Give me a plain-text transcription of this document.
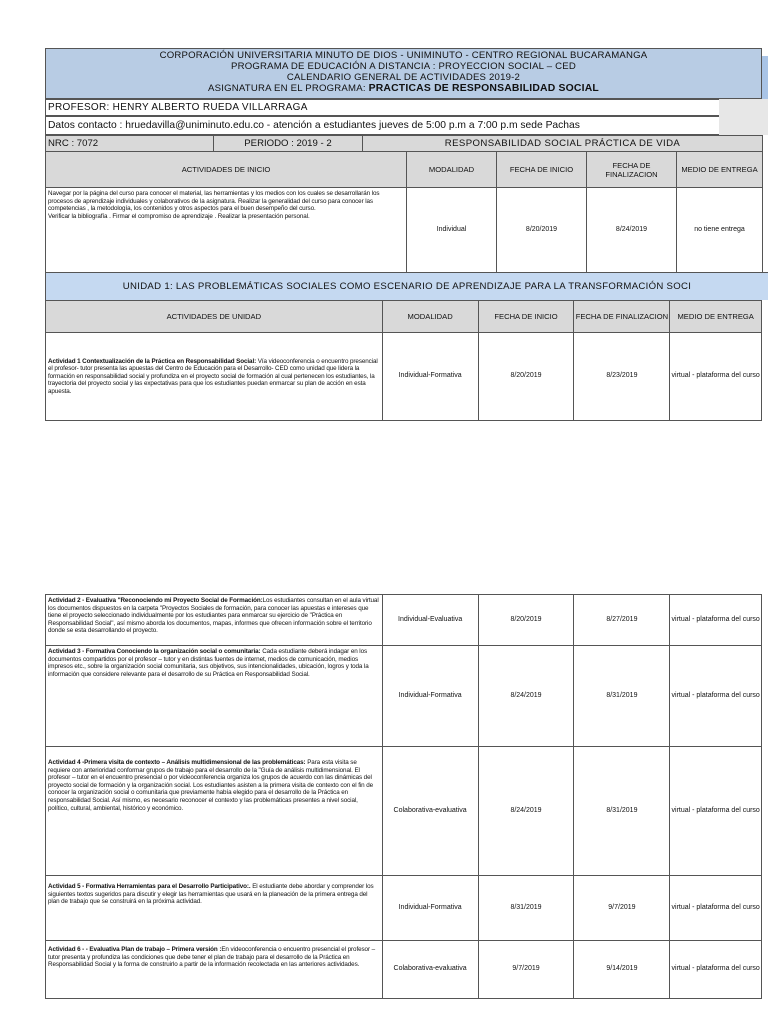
CORPORACIÓN UNIVERSITARIA MINUTO DE DIOS - UNIMINUTO - CENTRO REGIONAL BUCARAMANGA
PROGRAMA DE EDUCACIÓN A DISTANCIA : PROYECCION SOCIAL – CED
CALENDARIO GENERAL DE ACTIVIDADES 2019-2
ASIGNATURA EN EL PROGRAMA: PRACTICAS DE RESPONSABILIDAD SOCIAL
PROFESOR: HENRY ALBERTO RUEDA VILLARRAGA
Datos contacto : hruedavilla@uniminuto.edu.co - atención a estudiantes jueves de 5:00 p.m a 7:00 p.m sede Pachas
NRC : 7072	PERIODO : 2019 - 2	RESPONSABILIDAD SOCIAL PRÁCTICA DE VIDA				
ACTIVIDADES DE INICIO			MODALIDAD	FECHA DE INICIO	FECHA DE FINALIZACION	MEDIO DE ENTREGA
Navegar por la página del curso para conocer el material, las herramientas y los medios con los cuales se desarrollarán los procesos de aprendizaje individuales y colaborativos de la asignatura. Realizar la generalidad del curso para conocer las competencias , la metodología, los contenidos y otros aspectos para el buen desempeño del curso.
Verificar la bibliografía . Firmar el compromiso de aprendizaje . Realizar la presentación personal.			Individual	8/20/2019	8/24/2019	no tiene entrega
UNIDAD 1: LAS PROBLEMÁTICAS SOCIALES COMO ESCENARIO DE APRENDIZAJE PARA LA TRANSFORMACIÓN SOCI
ACTIVIDADES DE UNIDAD	MODALIDAD	FECHA DE INICIO	FECHA DE FINALIZACION	MEDIO DE ENTREGA
Actividad 1 Contextualización de la Práctica en Responsabilidad Social: Vía videoconferencia o encuentro presencial el profesor- tutor presenta las apuestas del Centro de Educación para el Desarrollo- CED como unidad que lidera la formación en responsabilidad social y profundiza en el proyecto social de formación al cual pertenecen los estudiantes, la trayectoria del proyecto social y las expectativas para que los estudiantes puedan enmarcar su plan de acción en esta apuesta.	Individual-Formativa	8/20/2019	8/23/2019	virtual - plataforma del curso
Actividad 2 - Evaluativa "Reconociendo mi Proyecto Social de Formación:Los estudiantes consultan en el aula virtual los documentos dispuestos en la carpeta "Proyectos Sociales de formación, para conocer las apuestas e intereses que tiene el proyecto seleccionado individualmente por los estudiantes para enmarcar su ejercicio de "Práctica en Responsabilidad Social", así mismo aborda los documentos, mapas, informes que ofrecen información sobre el territorio donde se esta desarrollando el proyecto.	Individual-Evaluativa	8/20/2019	8/27/2019	virtual - plataforma del curso
Actividad 3 - Formativa Conociendo la organización social o comunitaria: Cada estudiante deberá indagar en los documentos compartidos por el profesor – tutor y en distintas fuentes de internet, medios de comunicación, medios impresos etc., sobre la organización social comunitaria, sus objetivos, sus intencionalidades, ubicación, logros y toda la información que considere relevante para el desarrollo de su Práctica en Responsabilidad Social.	Individual-Formativa	8/24/2019	8/31/2019	virtual - plataforma del curso
Actividad 4 -Primera visita de contexto – Análisis multidimensional de las problemáticas: Para esta visita se requiere con anterioridad conformar grupos de trabajo para el desarrollo de la "Guía de análisis multidimensional. El profesor – tutor en el encuentro presencial o por videoconferencia organiza los grupos de acuerdo con las dinámicas del proyecto social de formación y la organización social. Los estudiantes asisten a la primera visita de contexto con el fin de conocer la organización social o comunitaria que previamente había elegido para el desarrollo de la Práctica en responsabilidad Social. Así mismo, es necesario reconocer el contexto y las problemáticas presentes a nivel social, político, cultural, ambiental, histórico y económico.	Colaborativa-evaluativa	8/24/2019	8/31/2019	virtual - plataforma del curso
Actividad 5 - Formativa Herramientas para el Desarrollo Participativo:. El estudiante debe abordar y comprender los siguientes textos sugeridos para discutir y elegir las herramientas que usará en la planeación de la primera entrega del plan de trabajo que se construirá en la próxima actividad.	Individual-Formativa	8/31/2019	9/7/2019	virtual - plataforma del curso
Actividad 6 - - Evaluativa Plan de trabajo – Primera versión :En videoconferencia o encuentro presencial el profesor – tutor presenta y profundiza las condiciones que debe tener el plan de trabajo para el desarrollo de la Práctica en Responsabilidad Social y la forma de construirlo a partir de la información recolectada en las anteriores actividades.	Colaborativa-evaluativa	9/7/2019	9/14/2019	virtual - plataforma del curso
